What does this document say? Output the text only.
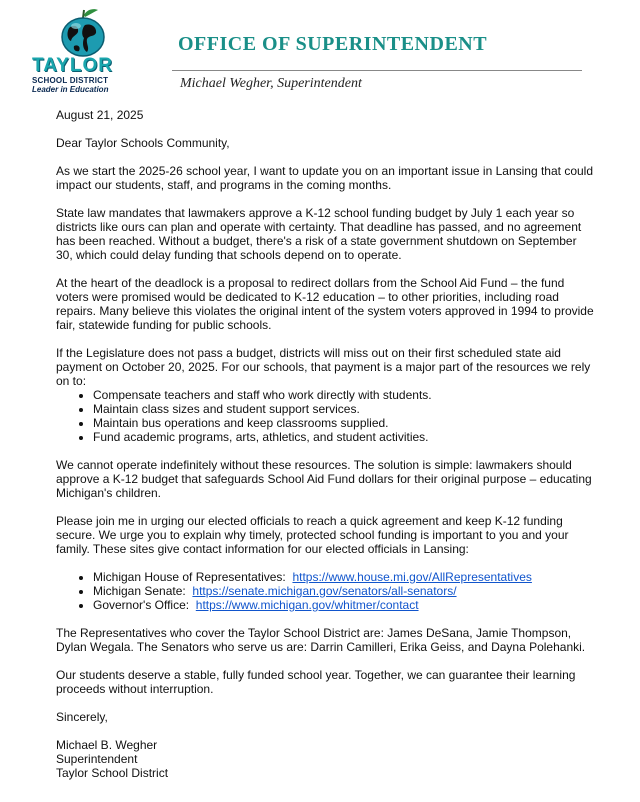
TAYLOR
SCHOOL DISTRICT
Leader in Education
OFFICE OF SUPERINTENDENT
Michael Wegher, Superintendent

August 21, 2025

Dear Taylor Schools Community,

As we start the 2025-26 school year, I want to update you on an important issue in Lansing that could impact our students, staff, and programs in the coming months.

State law mandates that lawmakers approve a K-12 school funding budget by July 1 each year so districts like ours can plan and operate with certainty. That deadline has passed, and no agreement has been reached. Without a budget, there's a risk of a state government shutdown on September 30, which could delay funding that schools depend on to operate.

At the heart of the deadlock is a proposal to redirect dollars from the School Aid Fund – the fund voters were promised would be dedicated to K-12 education – to other priorities, including road repairs. Many believe this violates the original intent of the system voters approved in 1994 to provide fair, statewide funding for public schools.

If the Legislature does not pass a budget, districts will miss out on their first scheduled state aid payment on October 20, 2025. For our schools, that payment is a major part of the resources we rely on to:

• Compensate teachers and staff who work directly with students.
• Maintain class sizes and student support services.
• Maintain bus operations and keep classrooms supplied.
• Fund academic programs, arts, athletics, and student activities.

We cannot operate indefinitely without these resources. The solution is simple: lawmakers should approve a K-12 budget that safeguards School Aid Fund dollars for their original purpose – educating Michigan's children.

Please join me in urging our elected officials to reach a quick agreement and keep K-12 funding secure. We urge you to explain why timely, protected school funding is important to you and your family. These sites give contact information for our elected officials in Lansing:

• Michigan House of Representatives: https://www.house.mi.gov/AllRepresentatives
• Michigan Senate: https://senate.michigan.gov/senators/all-senators/
• Governor's Office: https://www.michigan.gov/whitmer/contact

The Representatives who cover the Taylor School District are: James DeSana, Jamie Thompson, Dylan Wegala. The Senators who serve us are: Darrin Camilleri, Erika Geiss, and Dayna Polehanki.

Our students deserve a stable, fully funded school year. Together, we can guarantee their learning proceeds without interruption.

Sincerely,

Michael B. Wegher

Superintendent

Taylor School District
